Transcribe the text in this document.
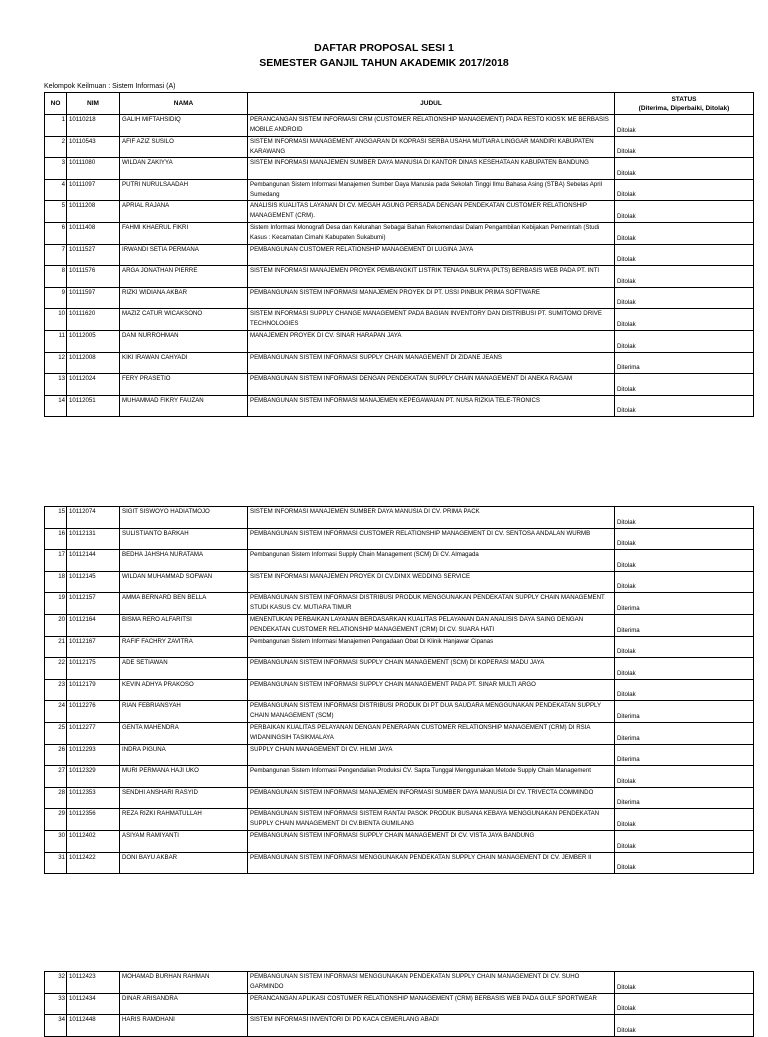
DAFTAR PROPOSAL SESI 1
SEMESTER GANJIL TAHUN AKADEMIK 2017/2018
Kelompok Keilmuan : Sistem Informasi (A)
NO	NIM	NAMA	JUDUL	STATUS
(Diterima, Diperbaiki, Ditolak)

1	10110218	GALIH MIFTAHSIDIQ	PERANCANGAN SISTEM INFORMASI CRM (CUSTOMER RELATIONSHIP MANAGEMENT) PADA RESTO KIOS'K ME BERBASIS MOBILE ANDROID	Ditolak
2	10110543	AFIF AZIZ SUSILO	SISTEM INFORMASI MANAGEMENT ANGGARAN DI KOPRASI SERBA USAHA MUTIARA LINGGAR MANDIRI KABUPATEN KARAWANG	Ditolak
3	10111080	WILDAN ZAKIYYA	SISTEM INFORMASI MANAJEMEN SUMBER DAYA MANUSIA DI KANTOR DINAS KESEHATAAN KABUPATEN BANDUNG	Ditolak
4	10111097	PUTRI NURULSAADAH	Pembangunan Sistem Informasi Manajemen Sumber Daya Manusia pada Sekolah Tinggi Ilmu Bahasa Asing (STBA) Sebelas April Sumedang	Ditolak
5	10111208	APRIAL RAJANA	ANALISIS KUALITAS LAYANAN DI CV. MEGAH AGUNG PERSADA DENGAN PENDEKATAN CUSTOMER RELATIONSHIP MANAGEMENT (CRM).	Ditolak
6	10111408	FAHMI KHAERUL FIKRI	Sistem Informasi Monografi Desa dan Kelurahan Sebagai Bahan Rekomendasi Dalam Pengambilan Kebijakan Pemerintah (Studi Kasus : Kecamatan Cimahi Kabupaten Sukabumi)	Ditolak
7	10111527	IRWANDI SETIA PERMANA	PEMBANGUNAN CUSTOMER RELATIONSHIP MANAGEMENT DI LUGINA JAYA	Ditolak
8	10111576	ARGA JONATHAN PIERRE	SISTEM INFORMASI MANAJEMEN PROYEK PEMBANGKIT LISTRIK TENAGA SURYA (PLTS) BERBASIS WEB PADA PT. INTI	Ditolak
9	10111597	RIZKI WIDIANA AKBAR	PEMBANGUNAN SISTEM INFORMASI MANAJEMEN PROYEK DI PT. USSI PINBUK PRIMA SOFTWARE	Ditolak
10	10111620	MAZIZ CATUR WICAKSONO	SISTEM INFORMASI SUPPLY CHANGE MANAGEMENT PADA BAGIAN INVENTORY DAN DISTRIBUSI PT. SUMITOMO DRIVE TECHNOLOGIES	Ditolak
11	10112005	DANI NURROHMAN	MANAJEMEN PROYEK DI CV. SINAR HARAPAN JAYA	Ditolak
12	10112008	KIKI IRAWAN CAHYADI	PEMBANGUNAN SISTEM INFORMASI SUPPLY CHAIN MANAGEMENT DI ZIDANE JEANS	Diterima
13	10112024	FERY PRASETIO	PEMBANGUNAN SISTEM INFORMASI DENGAN PENDEKATAN SUPPLY CHAIN MANAGEMENT DI ANEKA RAGAM	Ditolak
14	10112051	MUHAMMAD FIKRY FAUZAN	PEMBANGUNAN SISTEM INFORMASI MANAJEMEN KEPEGAWAIAN PT. NUSA RIZKIA TELE-TRONICS	Ditolak
15	10112074	SIGIT SISWOYO HADIATMOJO	SISTEM INFORMASI MANAJEMEN SUMBER DAYA MANUSIA DI CV. PRIMA PACK	Ditolak
16	10112131	SULISTIANTO BARKAH	PEMBANGUNAN SISTEM INFORMASI CUSTOMER RELATIONSHIP MANAGEMENT DI CV. SENTOSA ANDALAN WURMB	Ditolak
17	10112144	BEDHA JAHSHA NURATAMA	Pembangunan Sistem Informasi Supply Chain Management (SCM) Di CV. Almagada	Ditolak
18	10112145	WILDAN MUHAMMAD SOFWAN	SISTEM INFORMASI MANAJEMEN PROYEK DI CV.DINIX WEDDING SERVICE	Ditolak
19	10112157	AMMA BERNARD BEN BELLA	PEMBANGUNAN SISTEM INFORMASI DISTRIBUSI PRODUK MENGGUNAKAN PENDEKATAN SUPPLY CHAIN MANAGEMENT STUDI KASUS CV. MUTIARA TIMUR	Diterima
20	10112164	BISMA RERO ALFARITSI	MENENTUKAN PERBAIKAN LAYANAN BERDASARKAN KUALITAS PELAYANAN DAN ANALISIS DAYA SAING DENGAN PENDEKATAN CUSTOMER RELATIONSHIP MANAGEMENT (CRM) DI CV. SUARA HATI	Diterima
21	10112167	RAFIF FACHRY ZAVITRA	Pembangunan Sistem Informasi Manajemen Pengadaan Obat Di Klinik Hanjawar Cipanas	Ditolak
22	10112175	ADE SETIAWAN	PEMBANGUNAN SISTEM INFORMASI SUPPLY CHAIN MANAGEMENT (SCM) DI KOPERASI MADU JAYA	Ditolak
23	10112179	KEVIN ADHYA PRAKOSO	PEMBANGUNAN SISTEM INFORMASI SUPPLY CHAIN MANAGEMENT PADA PT. SINAR MULTI ARGO	Ditolak
24	10112276	RIAN FEBRIANSYAH	PEMBANGUNAN SISTEM INFORMASI DISTRIBUSI PRODUK DI PT DUA SAUDARA MENGGUNAKAN PENDEKATAN SUPPLY CHAIN MANAGEMENT (SCM)	Diterima
25	10112277	GENTA MAHENDRA	PERBAIKAN KUALITAS PELAYANAN DENGAN PENERAPAN CUSTOMER RELATIONSHIP MANAGEMENT (CRM) DI RSIA WIDANINGSIH TASIKMALAYA	Diterima
26	10112293	INDRA PIGUNA	SUPPLY CHAIN MANAGEMENT DI CV. HILMI JAYA	Diterima
27	10112329	MURI PERMANA HAJI UKO	Pembangunan Sistem Informasi Pengendalian Produksi CV. Sapta Tunggal Menggunakan Metode Supply Chain Management	Ditolak
28	10112353	SENDHI ANSHARI RASYID	PEMBANGUNAN SISTEM INFORMASI MANAJEMEN INFORMASI SUMBER DAYA MANUSIA DI CV. TRIVECTA COMMINDO	Diterima
29	10112356	REZA RIZKI RAHMATULLAH	PEMBANGUNAN SISTEM INFORMASI SISTEM RANTAI PASOK PRODUK BUSANA KEBAYA MENGGUNAKAN PENDEKATAN SUPPLY CHAIN MANAGEMENT DI CV.BIENTA GUMILANG	Ditolak
30	10112402	ASIYAM RAMIYANTI	PEMBANGUNAN SISTEM INFORMASI SUPPLY CHAIN MANAGEMENT DI CV. VISTA JAYA BANDUNG	Ditolak
31	10112422	DONI BAYU AKBAR	PEMBANGUNAN SISTEM INFORMASI MENGGUNAKAN PENDEKATAN SUPPLY CHAIN MANAGEMENT DI CV. JEMBER II	Ditolak
32	10112423	MOHAMAD BURHAN RAHMAN	PEMBANGUNAN SISTEM INFORMASI MENGGUNAKAN PENDEKATAN SUPPLY CHAIN MANAGEMENT DI CV. SUHO GARMINDO	Ditolak
33	10112434	DINAR ARISANDRA	PERANCANGAN APLIKASI COSTUMER RELATIONSHIP MANAGEMENT (CRM) BERBASIS WEB PADA GULF SPORTWEAR	Ditolak
34	10112448	HARIS RAMDHANI	SISTEM INFORMASI INVENTORI DI PD KACA CEMERLANG ABADI	Ditolak
